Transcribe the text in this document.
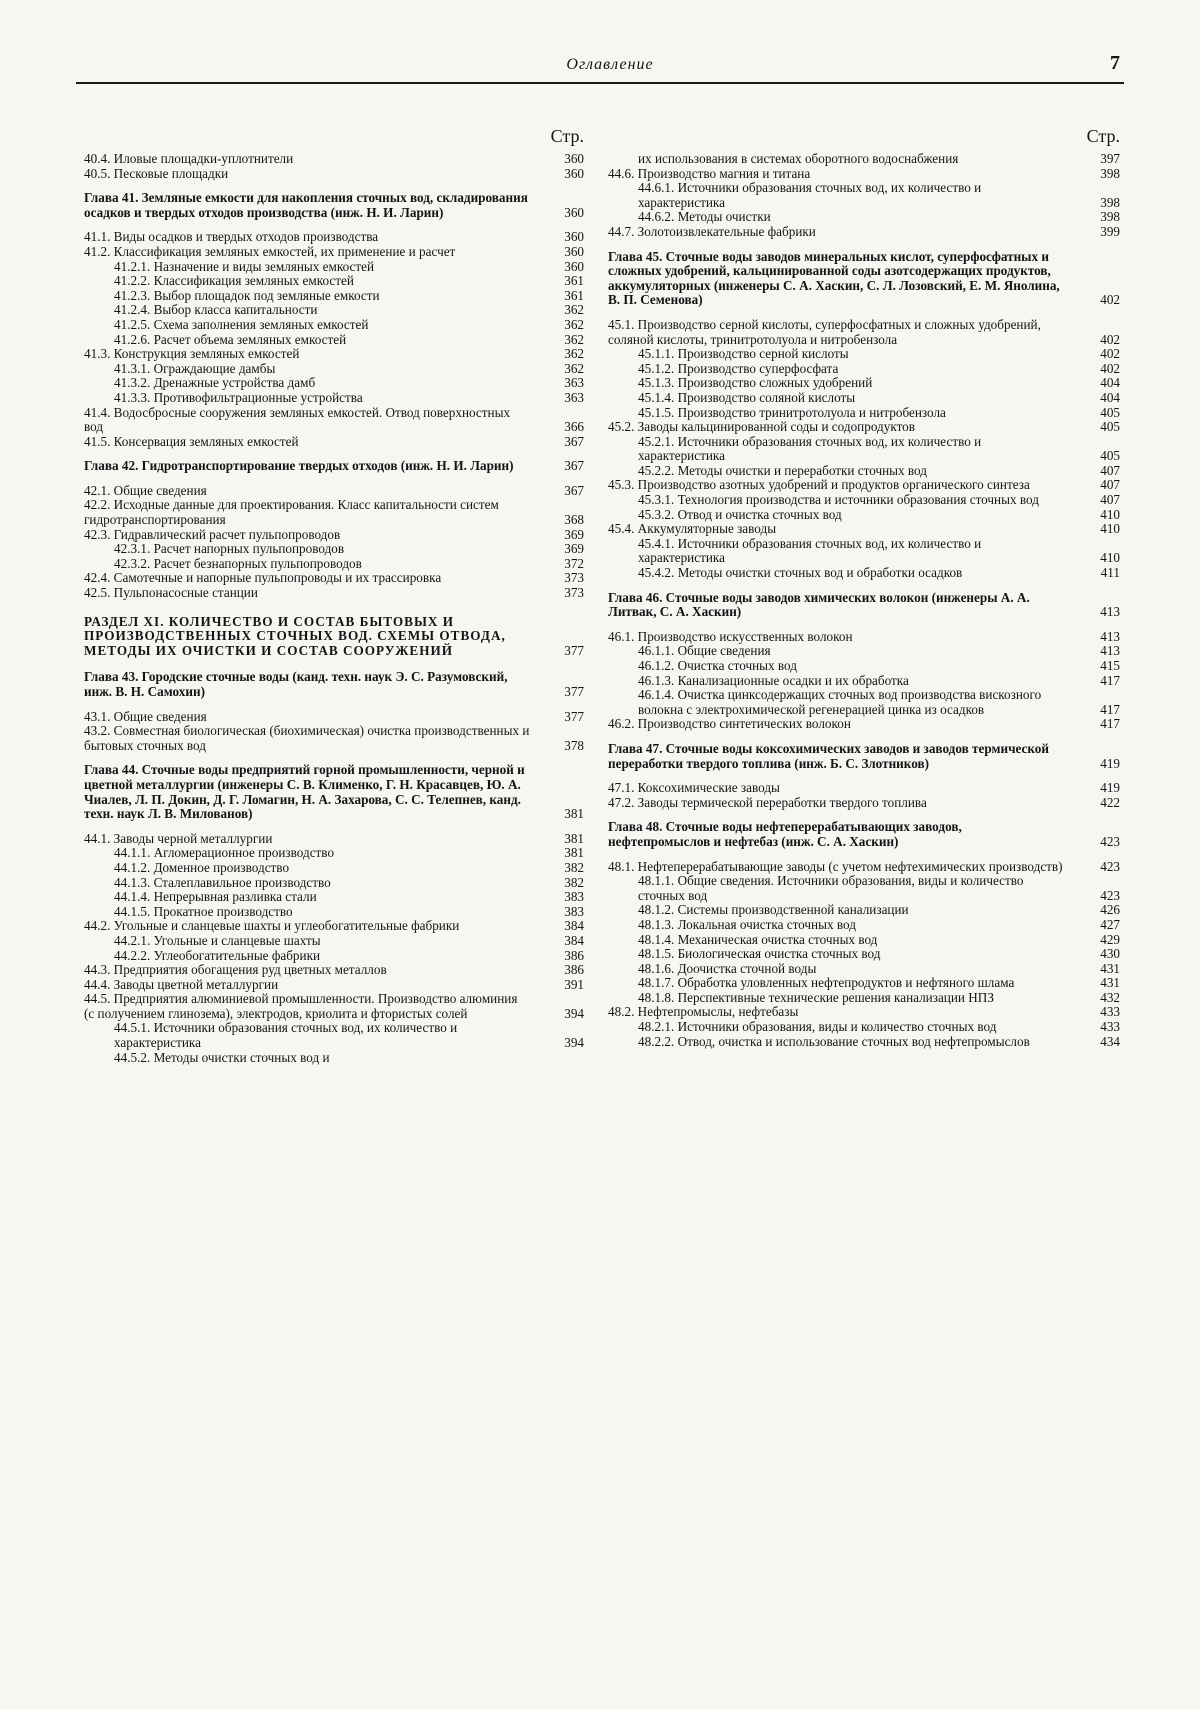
Оглавление	7
Стр.
40.4. Иловые площадки-уплотнители	360
40.5. Песковые площадки	360
Глава 41. Земляные емкости для накопления сточных вод, складирования осадков и твердых отходов производства (инж. Н. И. Ларин)	360
41.1. Виды осадков и твердых отходов производства	360
41.2. Классификация земляных емкостей, их применение и расчет	360
41.2.1. Назначение и виды земляных емкостей	360
41.2.2. Классификация земляных емкостей	361
41.2.3. Выбор площадок под земляные емкости	361
41.2.4. Выбор класса капитальности	362
41.2.5. Схема заполнения земляных емкостей	362
41.2.6. Расчет объема земляных емкостей	362
41.3. Конструкция земляных емкостей	362
41.3.1. Ограждающие дамбы	362
41.3.2. Дренажные устройства дамб	363
41.3.3. Противофильтрационные устройства	363
41.4. Водосбросные сооружения земляных емкостей. Отвод поверхностных вод	366
41.5. Консервация земляных емкостей	367
Глава 42. Гидротранспортирование твердых отходов (инж. Н. И. Ларин)	367
42.1. Общие сведения	367
42.2. Исходные данные для проектирования. Класс капитальности систем гидротранспортирования	368
42.3. Гидравлический расчет пульпопроводов	369
42.3.1. Расчет напорных пульпопроводов	369
42.3.2. Расчет безнапорных пульпопроводов	372
42.4. Самотечные и напорные пульпопроводы и их трассировка	373
42.5. Пульпонасосные станции	373
РАЗДЕЛ XI. КОЛИЧЕСТВО И СОСТАВ БЫТОВЫХ И ПРОИЗВОДСТВЕННЫХ СТОЧНЫХ ВОД. СХЕМЫ ОТВОДА, МЕТОДЫ ИХ ОЧИСТКИ И СОСТАВ СООРУЖЕНИЙ	377
Глава 43. Городские сточные воды (канд. техн. наук Э. С. Разумовский, инж. В. Н. Самохин)	377
43.1. Общие сведения	377
43.2. Совместная биологическая (биохимическая) очистка производственных и бытовых сточных вод	378
Глава 44. Сточные воды предприятий горной промышленности, черной и цветной металлургии (инженеры С. В. Клименко, Г. Н. Красавцев, Ю. А. Чиалев, Л. П. Докин, Д. Г. Ломагин, Н. А. Захарова, С. С. Телепнев, канд. техн. наук Л. В. Милованов)	381
44.1. Заводы черной металлургии	381
44.1.1. Агломерационное производство	381
44.1.2. Доменное производство	382
44.1.3. Сталеплавильное производство	382
44.1.4. Непрерывная разливка стали	383
44.1.5. Прокатное производство	383
44.2. Угольные и сланцевые шахты и углеобогатительные фабрики	384
44.2.1. Угольные и сланцевые шахты	384
44.2.2. Углеобогатительные фабрики	386
44.3. Предприятия обогащения руд цветных металлов	386
44.4. Заводы цветной металлургии	391
44.5. Предприятия алюминиевой промышленности. Производство алюминия (с получением глинозема), электродов, криолита и фтористых солей	394
44.5.1. Источники образования сточных вод, их количество и характеристика	394
44.5.2. Методы очистки сточных вод и
Стр.
их использования в системах оборотного водоснабжения	397
44.6. Производство магния и титана	398
44.6.1. Источники образования сточных вод, их количество и характеристика	398
44.6.2. Методы очистки	398
44.7. Золотоизвлекательные фабрики	399
Глава 45. Сточные воды заводов минеральных кислот, суперфосфатных и сложных удобрений, кальцинированной соды азотсодержащих продуктов, аккумуляторных (инженеры С. А. Хаскин, С. Л. Лозовский, Е. М. Янолина, В. П. Семенова)	402
45.1. Производство серной кислоты, суперфосфатных и сложных удобрений, соляной кислоты, тринитротолуола и нитробензола	402
45.1.1. Производство серной кислоты	402
45.1.2. Производство суперфосфата	402
45.1.3. Производство сложных удобрений	404
45.1.4. Производство соляной кислоты	404
45.1.5. Производство тринитротолуола и нитробензола	405
45.2. Заводы кальцинированной соды и содопродуктов	405
45.2.1. Источники образования сточных вод, их количество и характеристика	405
45.2.2. Методы очистки и переработки сточных вод	407
45.3. Производство азотных удобрений и продуктов органического синтеза	407
45.3.1. Технология производства и источники образования сточных вод	407
45.3.2. Отвод и очистка сточных вод	410
45.4. Аккумуляторные заводы	410
45.4.1. Источники образования сточных вод, их количество и характеристика	410
45.4.2. Методы очистки сточных вод и обработки осадков	411
Глава 46. Сточные воды заводов химических волокон (инженеры А. А. Литвак, С. А. Хаскин)	413
46.1. Производство искусственных волокон	413
46.1.1. Общие сведения	413
46.1.2. Очистка сточных вод	415
46.1.3. Канализационные осадки и их обработка	417
46.1.4. Очистка цинксодержащих сточных вод производства вискозного волокна с электрохимической регенерацией цинка из осадков	417
46.2. Производство синтетических волокон	417
Глава 47. Сточные воды коксохимических заводов и заводов термической переработки твердого топлива (инж. Б. С. Злотников)	419
47.1. Коксохимические заводы	419
47.2. Заводы термической переработки твердого топлива	422
Глава 48. Сточные воды нефтеперерабатывающих заводов, нефтепромыслов и нефтебаз (инж. С. А. Хаскин)	423
48.1. Нефтеперерабатывающие заводы (с учетом нефтехимических производств)	423
48.1.1. Общие сведения. Источники образования, виды и количество сточных вод	423
48.1.2. Системы производственной канализации	426
48.1.3. Локальная очистка сточных вод	427
48.1.4. Механическая очистка сточных вод	429
48.1.5. Биологическая очистка сточных вод	430
48.1.6. Доочистка сточной воды	431
48.1.7. Обработка уловленных нефтепродуктов и нефтяного шлама	431
48.1.8. Перспективные технические решения канализации НПЗ	432
48.2. Нефтепромыслы, нефтебазы	433
48.2.1. Источники образования, виды и количество сточных вод	433
48.2.2. Отвод, очистка и использование сточных вод нефтепромыслов	434
